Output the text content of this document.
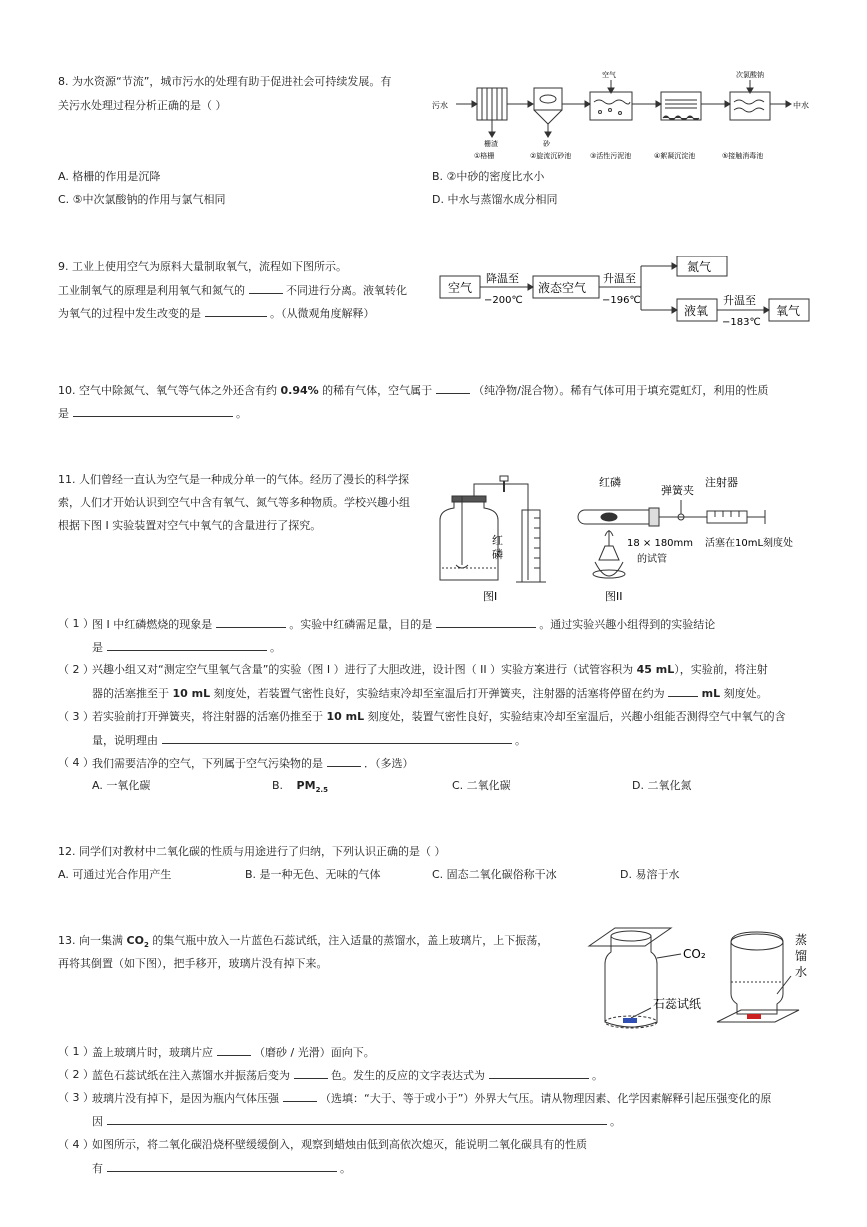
8. 为水资源“节流”，城市污水的处理有助于促进社会可持续发展。有
关污水处理过程分析正确的是（ ）	污水	中水
空气	次氯酸钠
栅渣	砂
①格栅	②旋流沉砂池	③活性污泥池	④絮凝沉淀池	⑤接触消毒池
A. 格栅的作用是沉降	B. ②中砂的密度比水小
C. ⑤中次氯酸钠的作用与氯气相同	D. 中水与蒸馏水成分相同
9. 工业上使用空气为原料大量制取氧气，流程如下图所示。
工业制氧气的原理是利用氧气和氮气的	不同进行分离。液氧转化
为氧气的过程中发生改变的是	。（从微观角度解释）
空气
降温至
−200℃
液态空气
升温至
−196℃
氮气
液氧
升温至
−183℃
氧气
10. 空气中除氮气、氧气等气体之外还含有约 0.94% 的稀有气体，空气属于	（纯净物/混合物）。稀有气体可用于填充霓虹灯，利用的性质
是	。
11. 人们曾经一直认为空气是一种成分单一的气体。经历了漫长的科学探
索，人们才开始认识到空气中含有氧气、氮气等多种物质。学校兴趣小组
根据下图 I 实验装置对空气中氧气的含量进行了探究。
红
磷
图I
红磷
弹簧夹
注射器
18 × 180mm
的试管
活塞在10mL刻度处
图II
（ 1 ）
图 I 中红磷燃烧的现象是	。实验中红磷需足量，目的是	。通过实验兴趣小组得到的实验结论
是	。
（ 2 ）
兴趣小组又对“测定空气里氧气含量”的实验（图 I ）进行了大胆改进，设计图（ II ）实验方案进行（试管容积为 45 mL），实验前，将注射
器的活塞推至于 10 mL 刻度处，若装置气密性良好，实验结束冷却至室温后打开弹簧夹，注射器的活塞将停留在约为	mL 刻度处。
（ 3 ）
若实验前打开弹簧夹，将注射器的活塞仍推至于 10 mL 刻度处，装置气密性良好，实验结束冷却至室温后，兴趣小组能否测得空气中氧气的含
量，说明理由	。
（ 4 ）
我们需要洁净的空气，下列属于空气污染物的是	．（多选）
A. 一氧化碳	B. $PM_{2.5}$	C. 二氧化碳	D. 二氧化氮
12. 同学们对教材中二氧化碳的性质与用途进行了归纳，下列认识正确的是（ ）
A. 可通过光合作用产生	B. 是一种无色、无味的气体	C. 固态二氧化碳俗称干冰	D. 易溶于水
13. 向一集满 $CO_2$ 的集气瓶中放入一片蓝色石蕊试纸，注入适量的蒸馏水，盖上玻璃片，上下振荡，
再将其倒置（如下图），把手移开，玻璃片没有掉下来。
CO₂
蒸
馏
水
石蕊试纸
（ 1 ）
盖上玻璃片时，玻璃片应	（磨砂 / 光滑）面向下。
（ 2 ）
蓝色石蕊试纸在注入蒸馏水并振荡后变为	色。发生的反应的文字表达式为	。
（ 3 ）
玻璃片没有掉下，是因为瓶内气体压强	（选填：“大于、等于或小于”）外界大气压。请从物理因素、化学因素解释引起压强变化的原
因	。
（ 4 ）
如图所示，将二氧化碳沿烧杯壁缓缓倒入，观察到蜡烛由低到高依次熄灭，能说明二氧化碳具有的性质
有	。
